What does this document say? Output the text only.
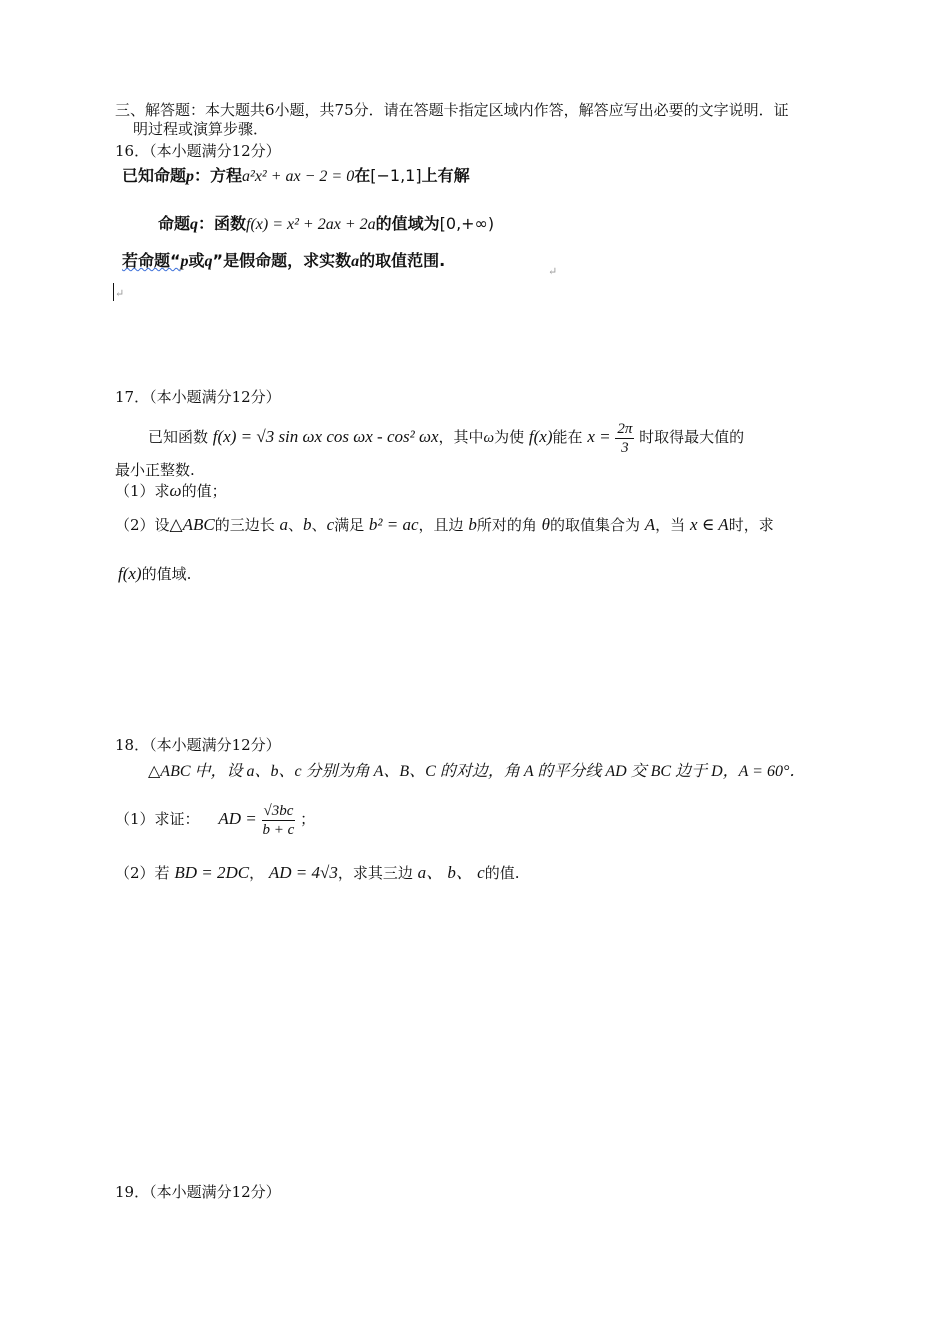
三、解答题：本大题共6小题，共75分．请在答题卡指定区域内作答，解答应写出必要的文字说明．证
明过程或演算步骤．
16．（本小题满分12分）
已知命题p：方程a²x² + ax − 2 = 0在[−1,1]上有解
命题q：函数f(x) = x² + 2ax + 2a的值域为[0,+∞)
若命题“p或q”是假命题，求实数a的取值范围.
↵
↵
17．（本小题满分12分）
已知函数 f(x) = √3 sin ωx cos ωx - cos² ωx，其中ω为使 f(x)能在 $x = \frac{2\pi}{3}$ 时取得最大值的
最小正整数.
（1）求ω的值；
（2）设△ABC的三边长 a、b、c满足 b² = ac，且边 b所对的角 θ的取值集合为 A，当 x ∈ A时，求
f(x)的值域.
18．（本小题满分12分）
△ABC 中，设 a、b、c 分别为角 A、B、C 的对边，角 A 的平分线 AD 交 BC 边于 D，A = 60°．
（1）求证： AD = $\frac{√3bc}{b + c}$ ；
（2）若 BD = 2DC， AD = 4√3，求其三边 a、 b、 c的值.
19．（本小题满分12分）
